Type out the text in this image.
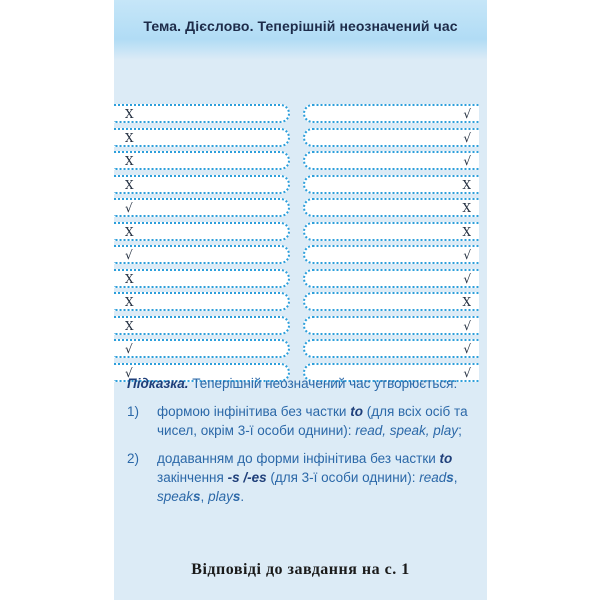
Тема. Дієслово. Теперішній неозначений час
Х	√
Х	√
Х	√
Х	Х
√	Х
Х	Х
√	√
Х	√
Х	Х
Х	√
√	√
√	√

Підказка. Теперішній неозначений час утворюється:

1) формою інфінітива без частки to (для всіх осіб та чисел, окрім 3-ї особи однини): read, speak, play;
2) додаванням до форми інфінітива без частки to закінчення -s /-es (для 3-ї особи однини): reads, speaks, plays.
Відповіді до завдання на с. 1
